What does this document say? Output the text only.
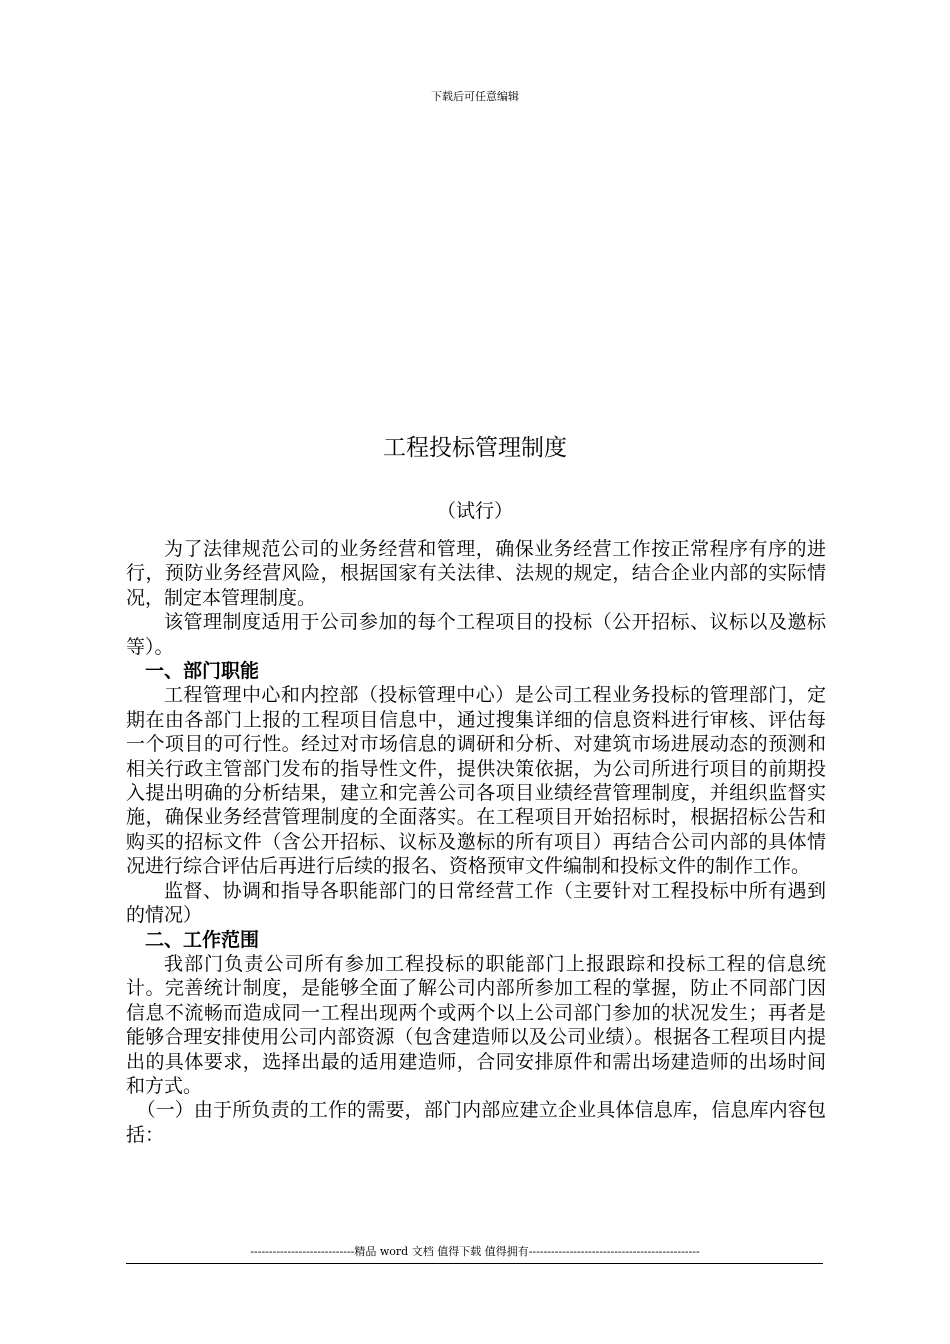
下载后可任意编辑
工程投标管理制度
（试行）

为了法律规范公司的业务经营和管理，确保业务经营工作按正常程序有序的进行，预防业务经营风险，根据国家有关法律、法规的规定，结合企业内部的实际情况，制定本管理制度。

该管理制度适用于公司参加的每个工程项目的投标（公开招标、议标以及邀标等）。

一、部门职能

工程管理中心和内控部（投标管理中心）是公司工程业务投标的管理部门，定期在由各部门上报的工程项目信息中，通过搜集详细的信息资料进行审核、评估每一个项目的可行性。经过对市场信息的调研和分析、对建筑市场进展动态的预测和相关行政主管部门发布的指导性文件，提供决策依据，为公司所进行项目的前期投入提出明确的分析结果，建立和完善公司各项目业绩经营管理制度，并组织监督实施，确保业务经营管理制度的全面落实。在工程项目开始招标时，根据招标公告和购买的招标文件（含公开招标、议标及邀标的所有项目）再结合公司内部的具体情况进行综合评估后再进行后续的报名、资格预审文件编制和投标文件的制作工作。

监督、协调和指导各职能部门的日常经营工作（主要针对工程投标中所有遇到的情况）

二、工作范围

我部门负责公司所有参加工程投标的职能部门上报跟踪和投标工程的信息统计。完善统计制度，是能够全面了解公司内部所参加工程的掌握，防止不同部门因信息不流畅而造成同一工程出现两个或两个以上公司部门参加的状况发生；再者是能够合理安排使用公司内部资源（包含建造师以及公司业绩）。根据各工程项目内提出的具体要求，选择出最的适用建造师，合同安排原件和需出场建造师的出场时间和方式。

（一）由于所负责的工作的需要，部门内部应建立企业具体信息库，信息库内容包括：

----------------------------精品 word 文档 值得下载 值得拥有----------------------------------------------
